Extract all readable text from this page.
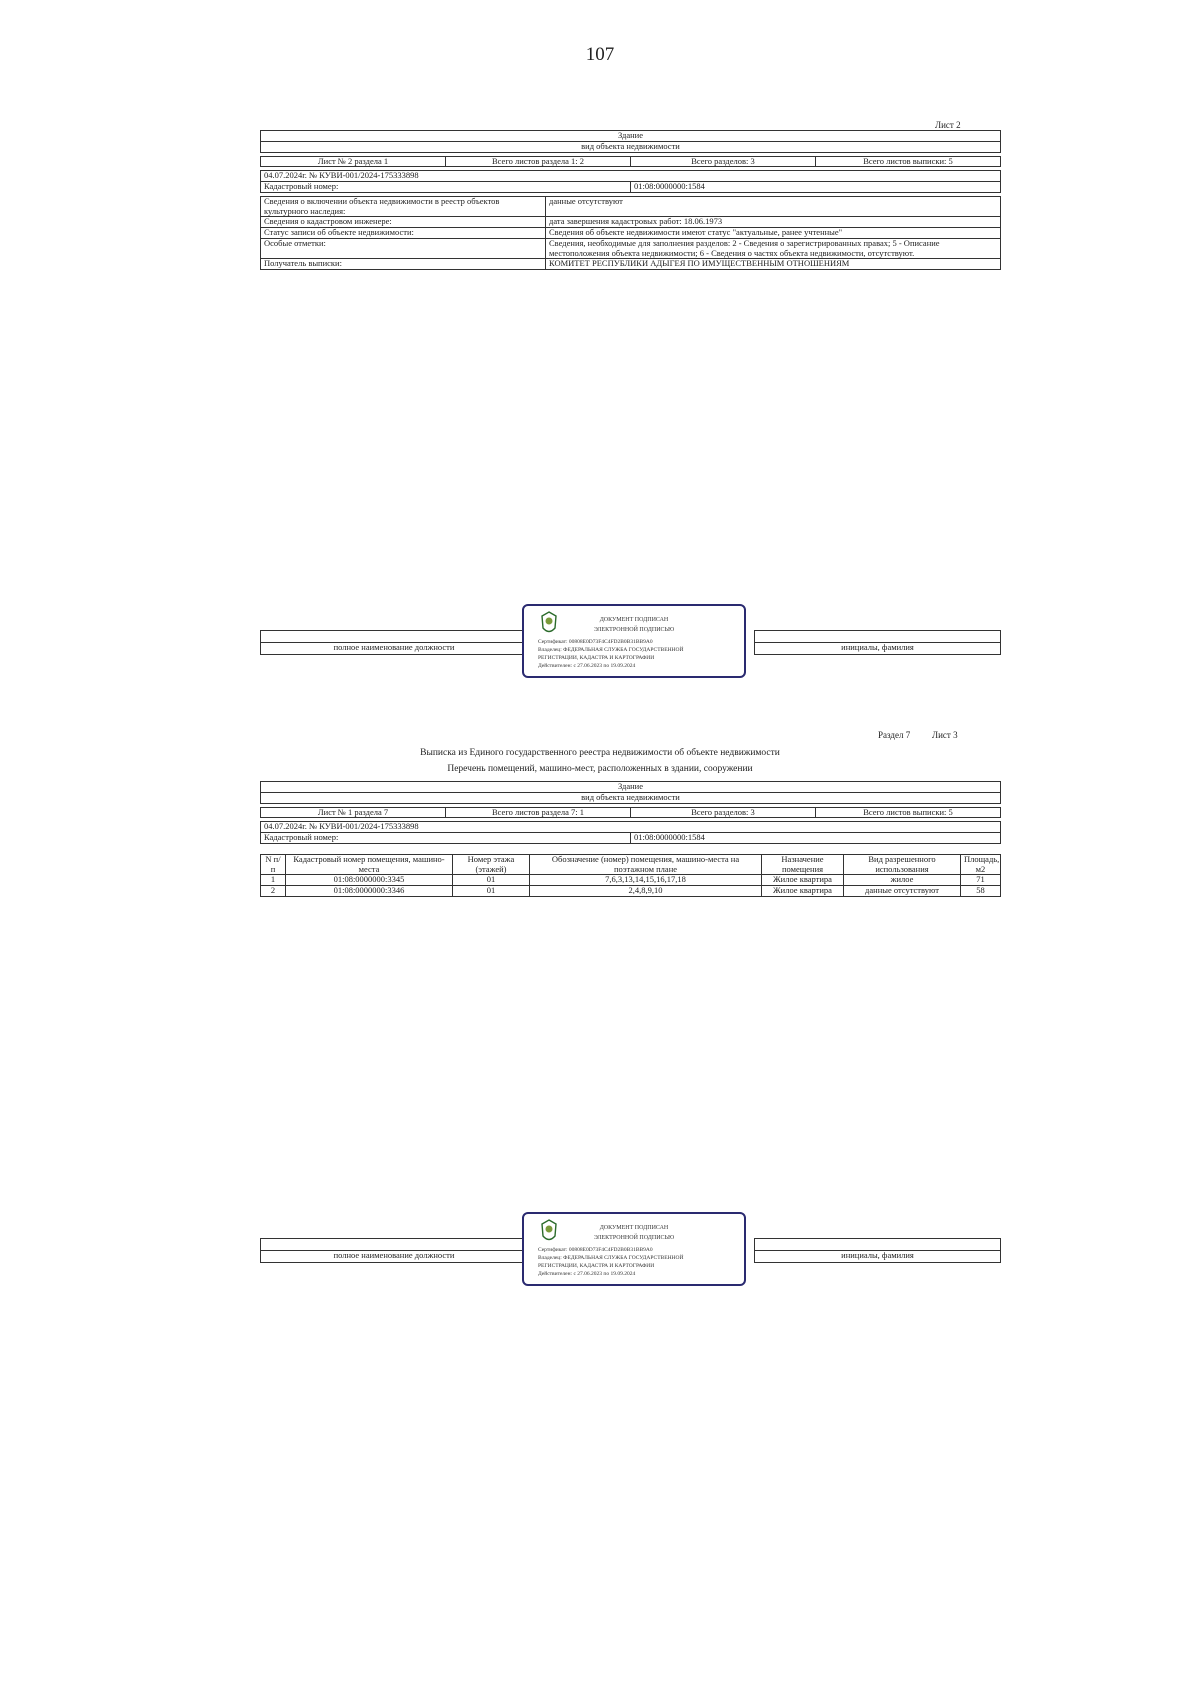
107
Лист 2
Здание
вид объекта недвижимости
Лист № 2 раздела 1	Всего листов раздела 1: 2	Всего разделов: 3	Всего листов выписки: 5
04.07.2024г. № КУВИ-001/2024-175333898
Кадастровый номер:	01:08:0000000:1584
Сведения о включении объекта недвижимости в реестр объектов культурного наследия:	данные отсутствуют
Сведения о кадастровом инженере:	дата завершения кадастровых работ: 18.06.1973
Статус записи об объекте недвижимости:	Сведения об объекте недвижимости имеют статус "актуальные, ранее учтенные"
Особые отметки:	Сведения, необходимые для заполнения разделов: 2 - Сведения о зарегистрированных правах; 5 - Описание местоположения объекта недвижимости; 6 - Сведения о частях объекта недвижимости, отсутствуют.
Получатель выписки:	КОМИТЕТ РЕСПУБЛИКИ АДЫГЕЯ ПО ИМУЩЕСТВЕННЫМ ОТНОШЕНИЯМ

полное наименование должности		инициалы, фамилия
ДОКУМЕНТ ПОДПИСАН
ЭЛЕКТРОННОЙ ПОДПИСЬЮ
Сертификат: 00808E0D73F4C4FD2B0B31BB9A0
Владелец: ФЕДЕРАЛЬНАЯ СЛУЖБА ГОСУДАРСТВЕННОЙ
РЕГИСТРАЦИИ, КАДАСТРА И КАРТОГРАФИИ
Действителен: с 27.06.2023 по 19.09.2024
Раздел 7 Лист 3
Выписка из Единого государственного реестра недвижимости об объекте недвижимости
Перечень помещений, машино-мест, расположенных в здании, сооружении
Здание
вид объекта недвижимости
Лист № 1 раздела 7	Всего листов раздела 7: 1	Всего разделов: 3	Всего листов выписки: 5
04.07.2024г. № КУВИ-001/2024-175333898
Кадастровый номер:	01:08:0000000:1584
N п/п	Кадастровый номер помещения, машино-места	Номер этажа (этажей)	Обозначение (номер) помещения, машино-места на поэтажном плане	Назначение помещения	Вид разрешенного использования	Площадь, м2
1	01:08:0000000:3345	01	7,6,3,13,14,15,16,17,18	Жилое квартира	жилое	71
2	01:08:0000000:3346	01	2,4,8,9,10	Жилое квартира	данные отсутствуют	58

полное наименование должности		инициалы, фамилия
ДОКУМЕНТ ПОДПИСАН
ЭЛЕКТРОННОЙ ПОДПИСЬЮ
Сертификат: 00808E0D73F4C4FD2B0B31BB9A0
Владелец: ФЕДЕРАЛЬНАЯ СЛУЖБА ГОСУДАРСТВЕННОЙ
РЕГИСТРАЦИИ, КАДАСТРА И КАРТОГРАФИИ
Действителен: с 27.06.2023 по 19.09.2024
